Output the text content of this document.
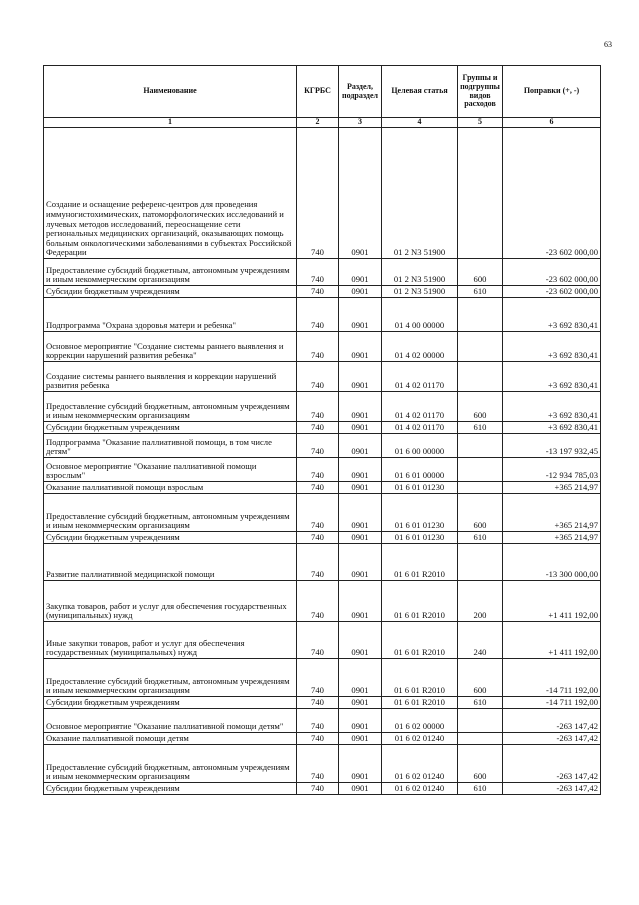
63
Наименование	КГРБС	Раздел, подраздел	Целевая статья	Группы и подгруппы видов расходов	Поправки (+, -)
1	2	3	4	5	6
Создание и оснащение референс-центров для проведения иммуногистохимических, патоморфологических исследований и лучевых методов исследований, переоснащение сети региональных медицинских организаций, оказывающих помощь больным онкологическими заболеваниями в субъектах Российской Федерации	740	0901	01 2 N3 51900		-23 602 000,00
Предоставление субсидий бюджетным, автономным учреждениям и иным некоммерческим организациям	740	0901	01 2 N3 51900	600	-23 602 000,00
Субсидии бюджетным учреждениям	740	0901	01 2 N3 51900	610	-23 602 000,00
Подпрограмма "Охрана здоровья матери и ребенка"	740	0901	01 4 00 00000		+3 692 830,41
Основное мероприятие "Создание системы раннего выявления и коррекции нарушений развития ребенка"	740	0901	01 4 02 00000		+3 692 830,41
Создание системы раннего выявления и коррекции нарушений развития ребенка	740	0901	01 4 02 01170		+3 692 830,41
Предоставление субсидий бюджетным, автономным учреждениям и иным некоммерческим организациям	740	0901	01 4 02 01170	600	+3 692 830,41
Субсидии бюджетным учреждениям	740	0901	01 4 02 01170	610	+3 692 830,41
Подпрограмма "Оказание паллиативной помощи, в том числе детям"	740	0901	01 6 00 00000		-13 197 932,45
Основное мероприятие "Оказание паллиативной помощи взрослым"	740	0901	01 6 01 00000		-12 934 785,03
Оказание паллиативной помощи взрослым	740	0901	01 6 01 01230		+365 214,97
Предоставление субсидий бюджетным, автономным учреждениям и иным некоммерческим организациям	740	0901	01 6 01 01230	600	+365 214,97
Субсидии бюджетным учреждениям	740	0901	01 6 01 01230	610	+365 214,97
Развитие паллиативной медицинской помощи	740	0901	01 6 01 R2010		-13 300 000,00
Закупка товаров, работ и услуг для обеспечения государственных (муниципальных) нужд	740	0901	01 6 01 R2010	200	+1 411 192,00
Иные закупки товаров, работ и услуг для обеспечения государственных (муниципальных) нужд	740	0901	01 6 01 R2010	240	+1 411 192,00
Предоставление субсидий бюджетным, автономным учреждениям и иным некоммерческим организациям	740	0901	01 6 01 R2010	600	-14 711 192,00
Субсидии бюджетным учреждениям	740	0901	01 6 01 R2010	610	-14 711 192,00
Основное мероприятие "Оказание паллиативной помощи детям"	740	0901	01 6 02 00000		-263 147,42
Оказание паллиативной помощи детям	740	0901	01 6 02 01240		-263 147,42
Предоставление субсидий бюджетным, автономным учреждениям и иным некоммерческим организациям	740	0901	01 6 02 01240	600	-263 147,42
Субсидии бюджетным учреждениям	740	0901	01 6 02 01240	610	-263 147,42
